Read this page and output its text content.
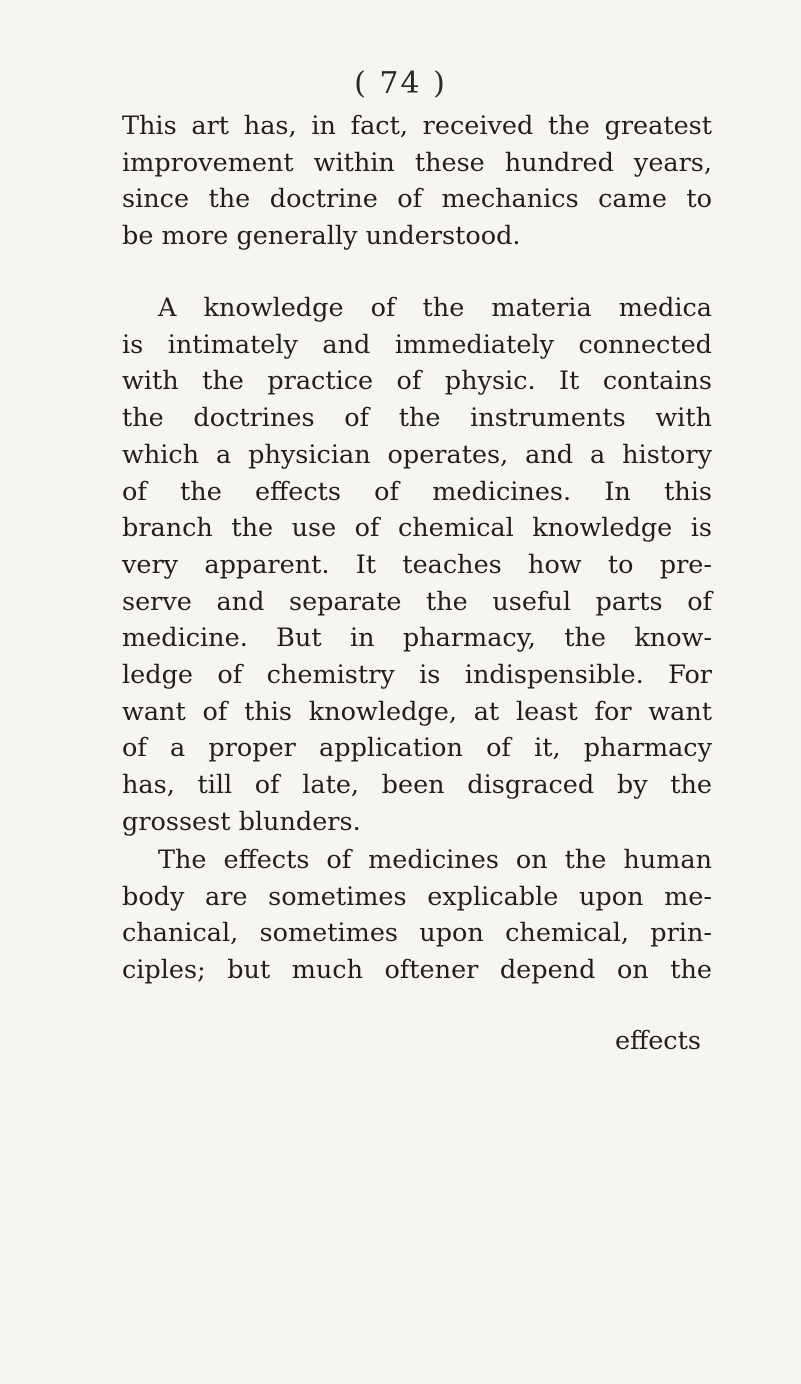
( 74 )
This art has, in fact, received the greatest
improvement within these hundred years,
since the doctrine of mechanics came to
be more generally understood.
A knowledge of the materia medica
is intimately and immediately connected
with the practice of physic. It contains
the doctrines of the instruments with
which a physician operates, and a history
of the effects of medicines. In this
branch the use of chemical knowledge is
very apparent. It teaches how to pre-
serve and separate the useful parts of
medicine. But in pharmacy, the know-
ledge of chemistry is indispensible. For
want of this knowledge, at least for want
of a proper application of it, pharmacy
has, till of late, been disgraced by the
grossest blunders.
The effects of medicines on the human
body are sometimes explicable upon me-
chanical, sometimes upon chemical, prin-
ciples; but much oftener depend on the
effects
